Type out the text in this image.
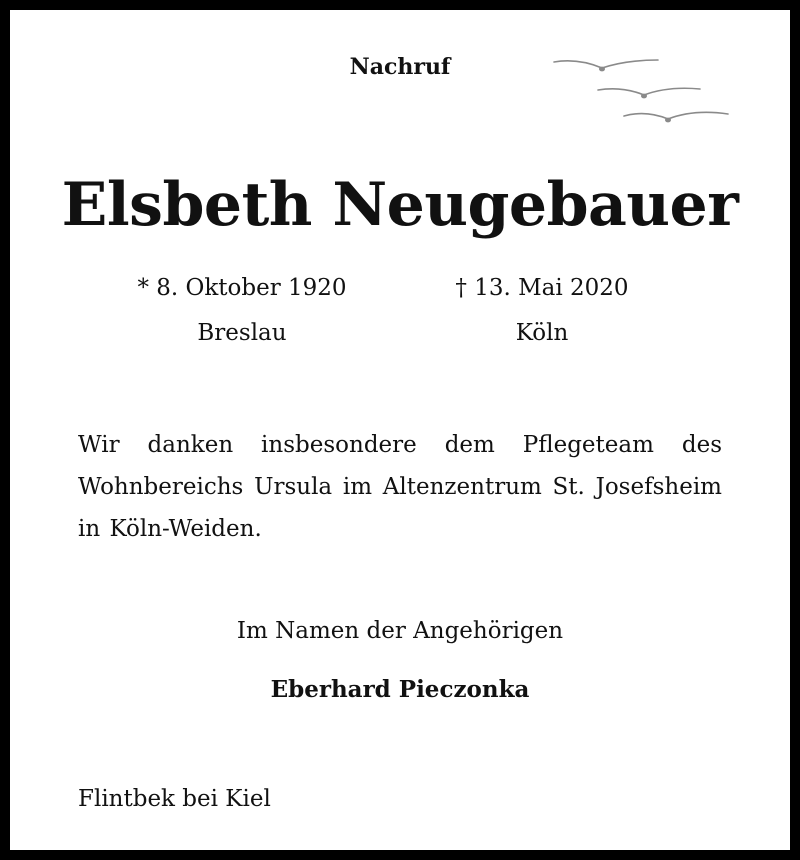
Nachruf
Elsbeth Neugebauer
* 8. Oktober 1920
Breslau
† 13. Mai 2020
Köln
Wir danken insbesondere dem Pflegeteam des Wohnbereichs Ursula im Altenzentrum St. Josefsheim in Köln-Weiden.
Im Namen der Angehörigen
Eberhard Pieczonka
Flintbek bei Kiel
